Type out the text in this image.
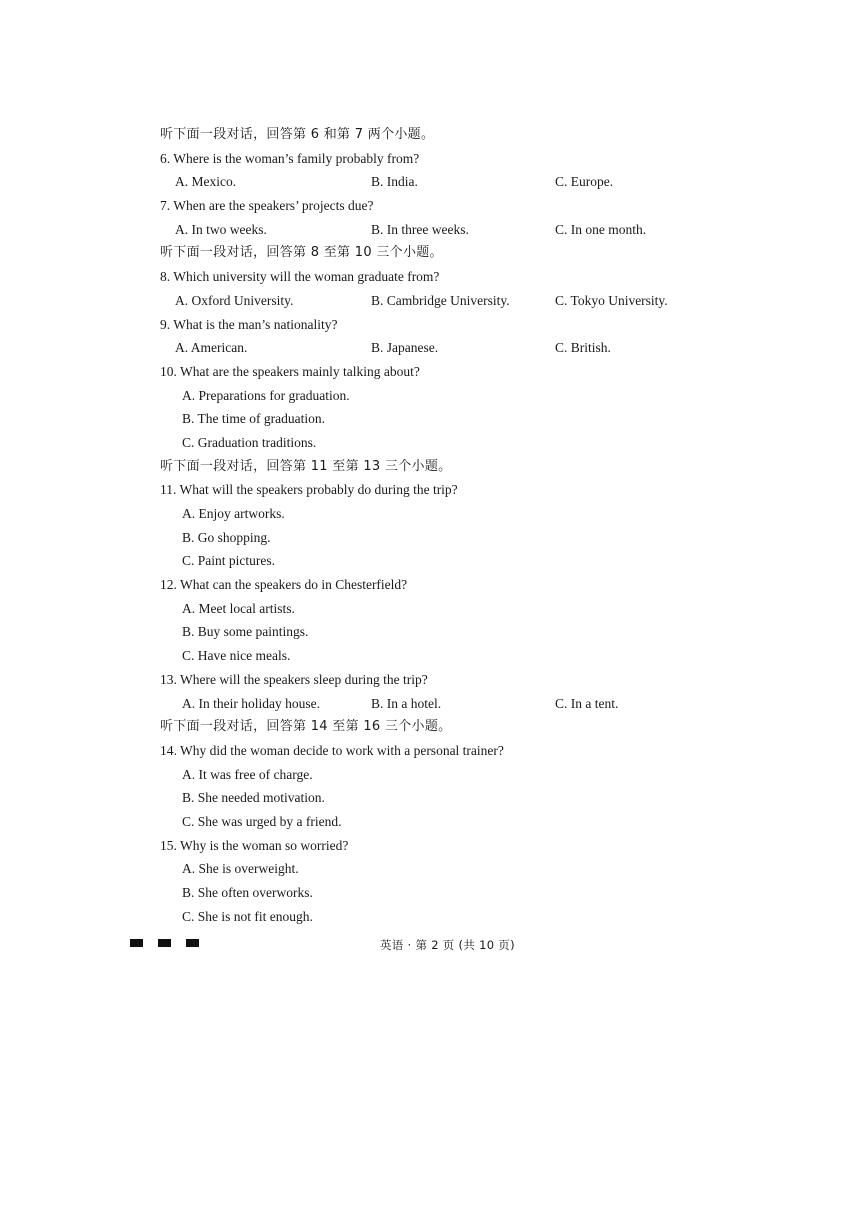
听下面一段对话，回答第 6 和第 7 两个小题。
6. Where is the woman’s family probably from?
A. Mexico.	B. India.	C. Europe.
7. When are the speakers’ projects due?
A. In two weeks.	B. In three weeks.	C. In one month.
听下面一段对话，回答第 8 至第 10 三个小题。
8. Which university will the woman graduate from?
A. Oxford University.	B. Cambridge University.	C. Tokyo University.
9. What is the man’s nationality?
A. American.	B. Japanese.	C. British.
10. What are the speakers mainly talking about?
A. Preparations for graduation.
B. The time of graduation.
C. Graduation traditions.
听下面一段对话，回答第 11 至第 13 三个小题。
11. What will the speakers probably do during the trip?
A. Enjoy artworks.
B. Go shopping.
C. Paint pictures.
12. What can the speakers do in Chesterfield?
A. Meet local artists.
B. Buy some paintings.
C. Have nice meals.
13. Where will the speakers sleep during the trip?
A. In their holiday house.	B. In a hotel.	C. In a tent.
听下面一段对话，回答第 14 至第 16 三个小题。
14. Why did the woman decide to work with a personal trainer?
A. It was free of charge.
B. She needed motivation.
C. She was urged by a friend.
15. Why is the woman so worried?
A. She is overweight.
B. She often overworks.
C. She is not fit enough.
英语 · 第 2 页 (共 10 页)
